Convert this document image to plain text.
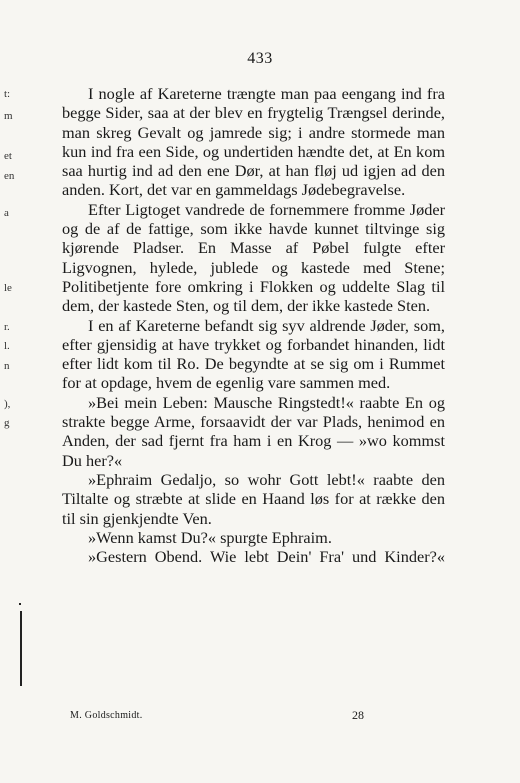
433

I nogle af Kareterne trængte man paa eengang ind fra begge Sider, saa at der blev en frygtelig Trængsel derinde, man skreg Gevalt og jamrede sig; i andre stormede man kun ind fra een Side, og undertiden hændte det, at En kom saa hurtig ind ad den ene Dør, at han fløj ud igjen ad den anden. Kort, det var en gammeldags Jødebegravelse.

Efter Ligtoget vandrede de fornemmere fromme Jøder og de af de fattige, som ikke havde kunnet tiltvinge sig kjørende Pladser. En Masse af Pøbel fulgte efter Ligvognen, hylede, jublede og kastede med Stene; Politibetjente fore omkring i Flokken og uddelte Slag til dem, der kastede Sten, og til dem, der ikke kastede Sten.

I en af Kareterne befandt sig syv aldrende Jøder, som, efter gjensidig at have trykket og forbandet hinanden, lidt efter lidt kom til Ro. De begyndte at se sig om i Rummet for at opdage, hvem de egenlig vare sammen med.

»Bei mein Leben: Mausche Ringstedt!« raabte En og strakte begge Arme, forsaavidt der var Plads, henimod en Anden, der sad fjernt fra ham i en Krog — »wo kommst Du her?«

»Ephraim Gedaljo, so wohr Gott lebt!« raabte den Tiltalte og stræbte at slide en Haand løs for at række den til sin gjenkjendte Ven.

»Wenn kamst Du?« spurgte Ephraim.

»Gestern Obend. Wie lebt Dein' Fra' und Kinder?«

M. Goldschmidt.	28
t:
m
et
en
a
le
r.
l.
n
),
g
